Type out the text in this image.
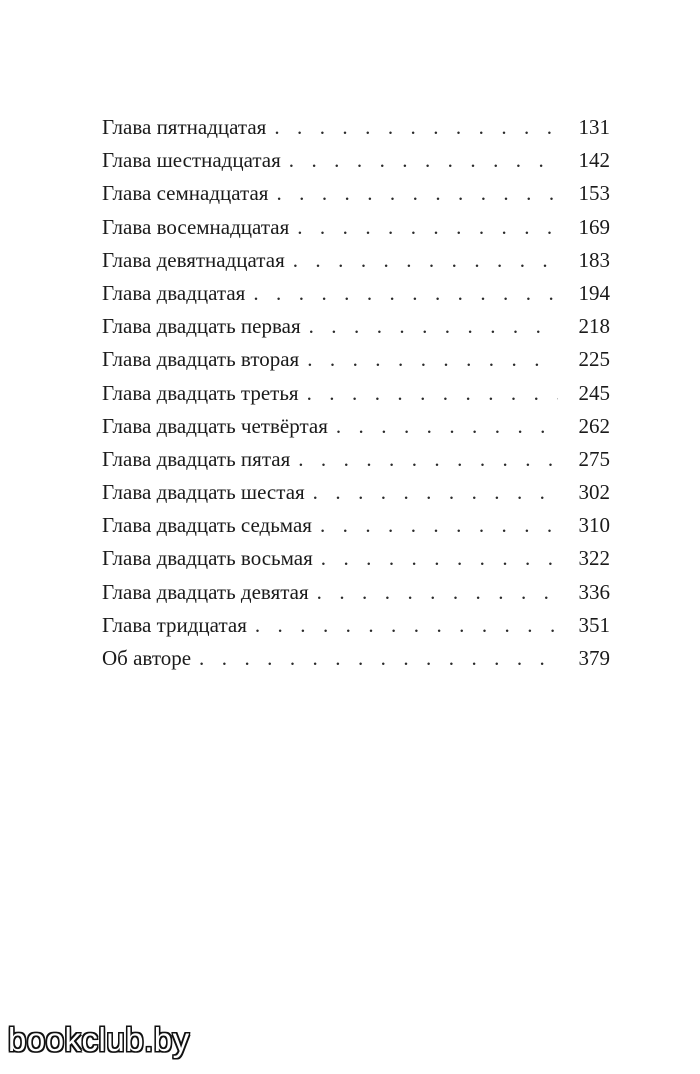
Глава пятнадцатая . . .	131
Глава шестнадцатая . . .	142
Глава семнадцатая . . .	153
Глава восемнадцатая . . .	169
Глава девятнадцатая . . .	183
Глава двадцатая . . .	194
Глава двадцать первая . . .	218
Глава двадцать вторая . . .	225
Глава двадцать третья . . .	245
Глава двадцать четвёртая . . .	262
Глава двадцать пятая . . .	275
Глава двадцать шестая . . .	302
Глава двадцать седьмая . . .	310
Глава двадцать восьмая . . .	322
Глава двадцать девятая . . .	336
Глава тридцатая . . .	351
Об авторе . . .	379
bookclub.by
